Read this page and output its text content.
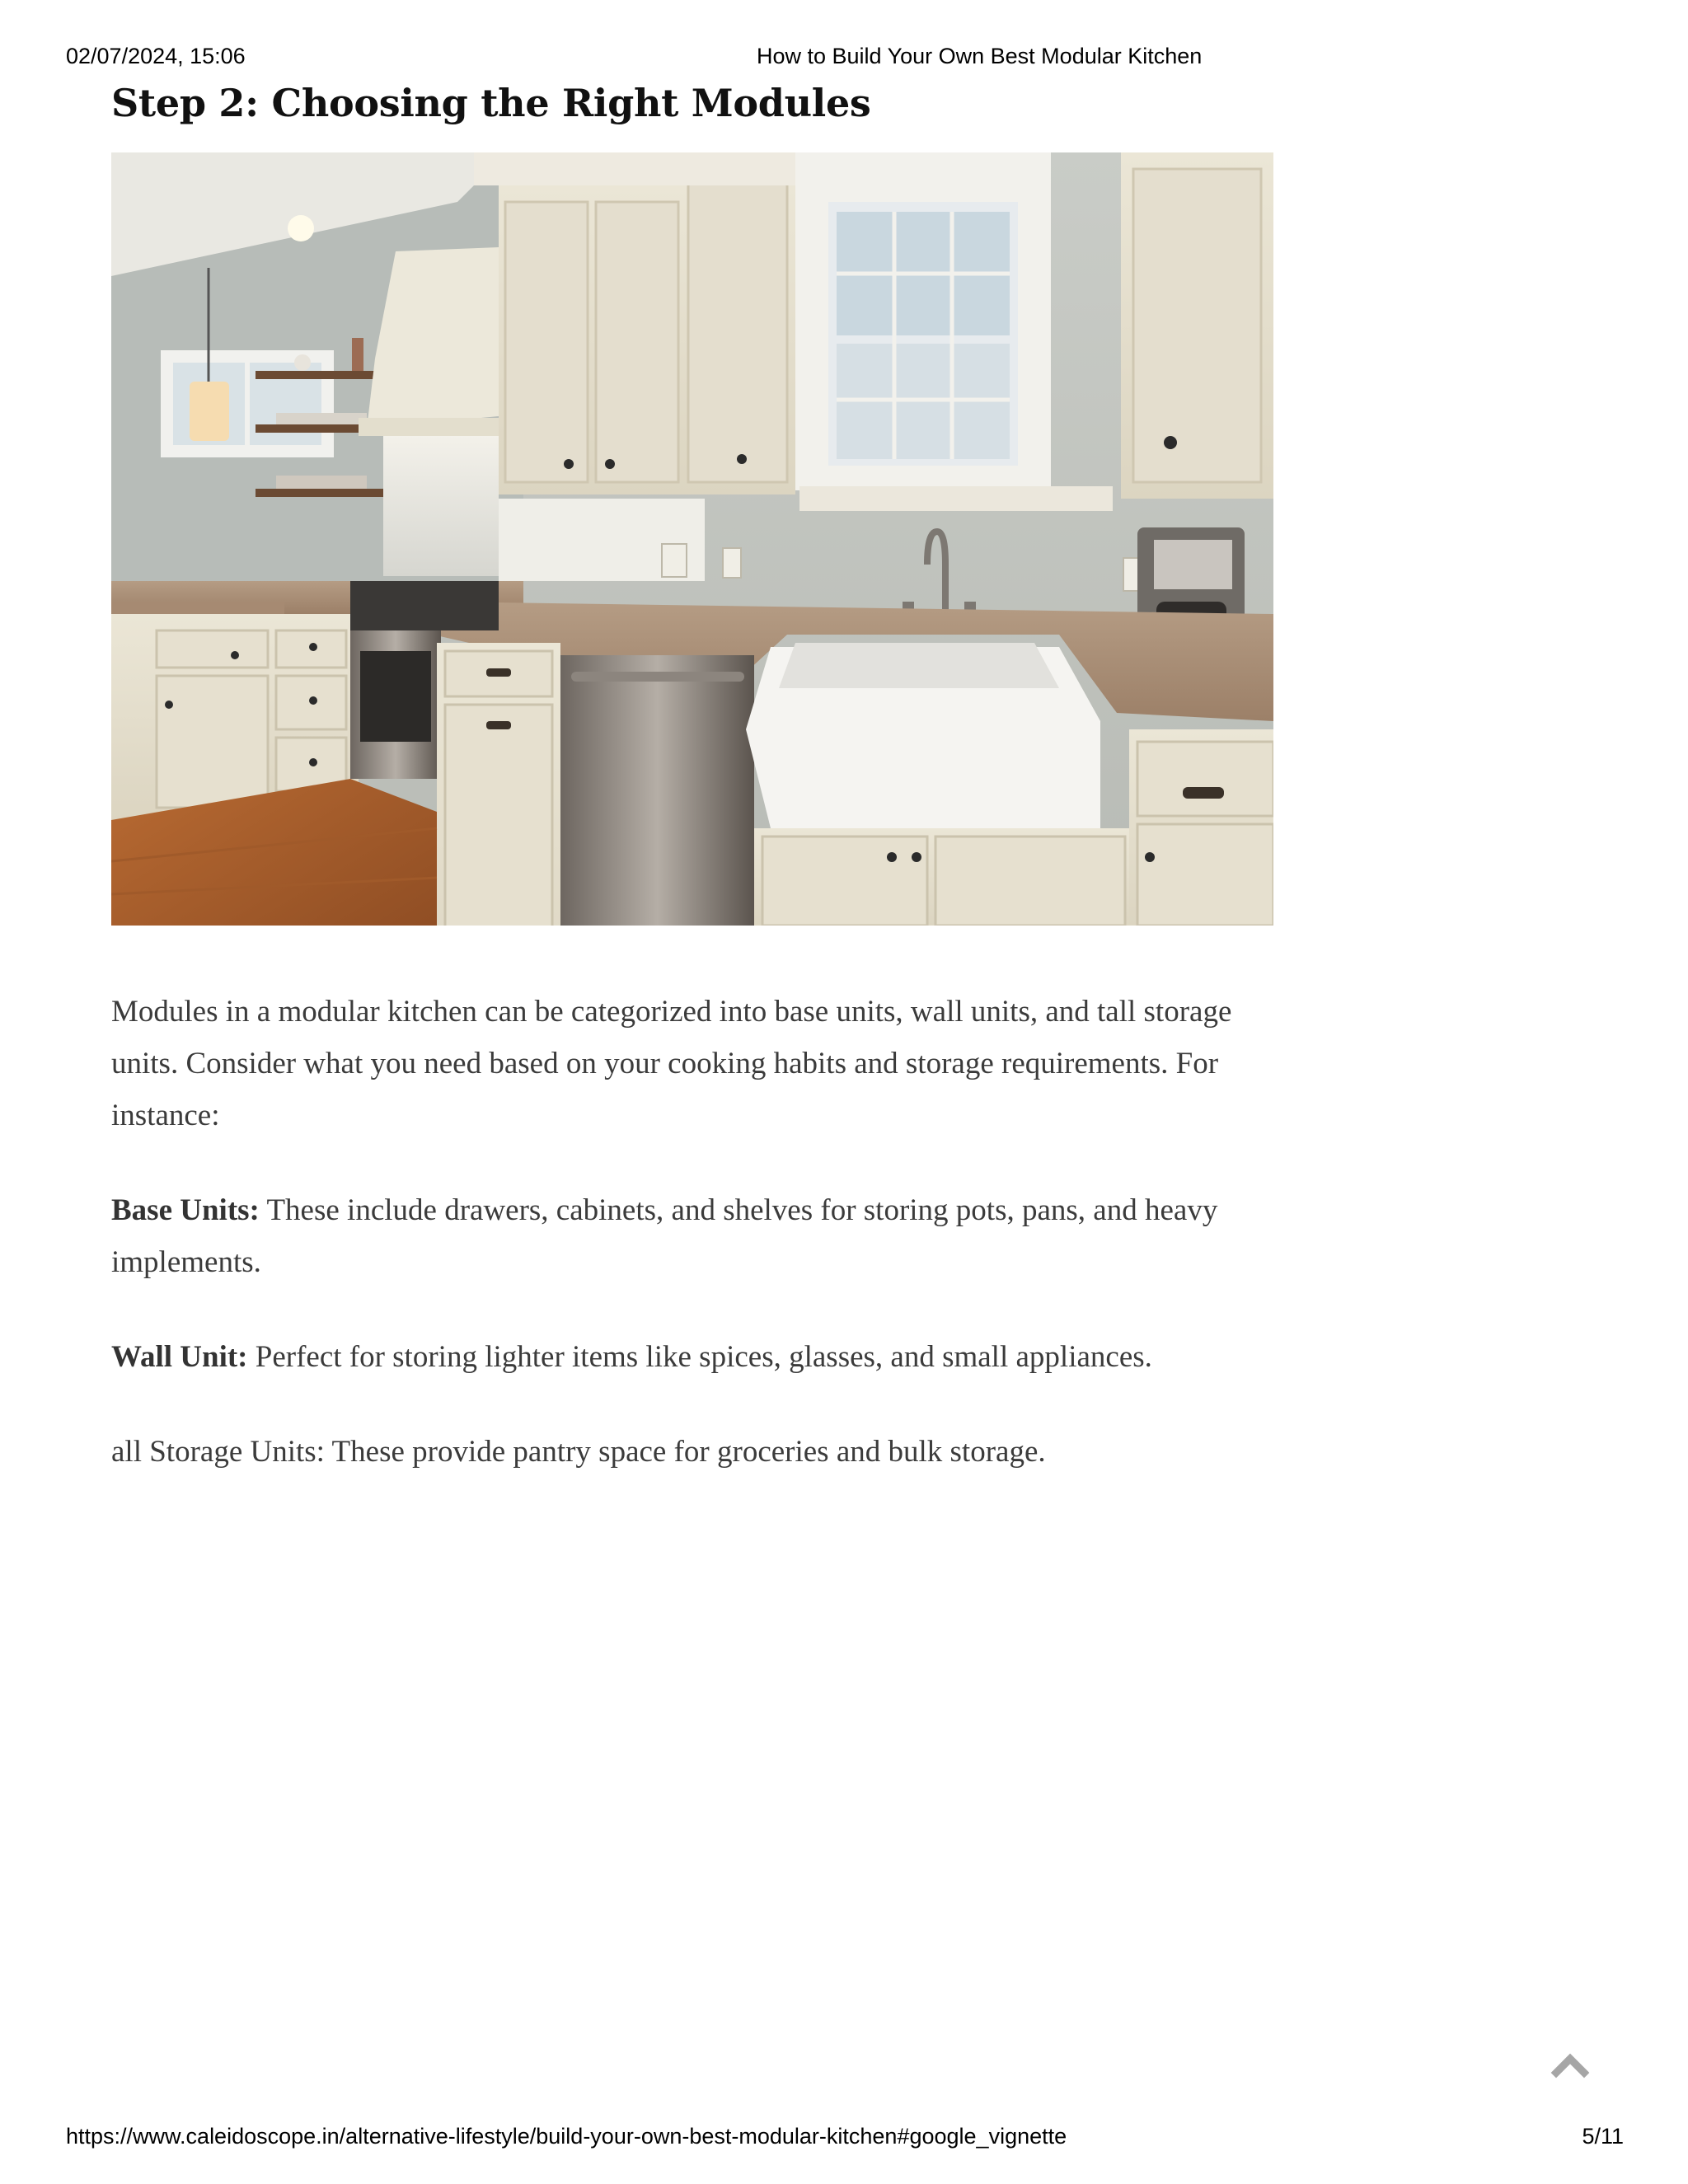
02/07/2024, 15:06	How to Build Your Own Best Modular Kitchen
Step 2: Choosing the Right Modules

Modules in a modular kitchen can be categorized into base units, wall units, and tall storage units. Consider what you need based on your cooking habits and storage requirements. For instance:

Base Units: These include drawers, cabinets, and shelves for storing pots, pans, and heavy implements.

Wall Unit: Perfect for storing lighter items like spices, glasses, and small appliances.

all Storage Units: These provide pantry space for groceries and bulk storage.

https://www.caleidoscope.in/alternative-lifestyle/build-your-own-best-modular-kitchen#google_vignette	5/11
